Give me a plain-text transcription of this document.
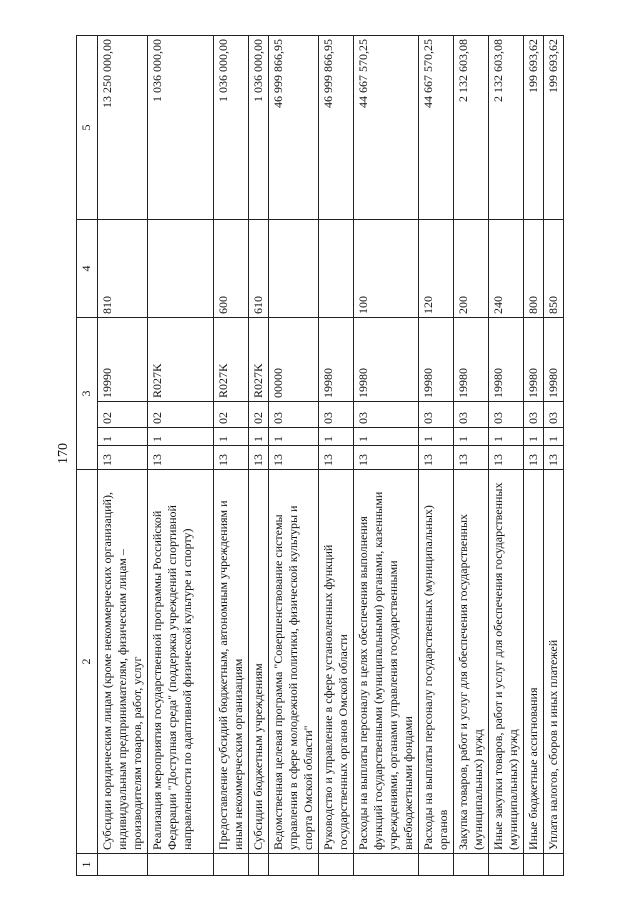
170
1	2	3				4	5
	Субсидии юридическим лицам (кроме некоммерческих организаций), индивидуальным предпринимателям, физическим лицам – производителям товаров, работ, услуг	13	1	02	19990	810	13 250 000,00
	Реализация мероприятия государственной программы Российской Федерации "Доступная среда" (поддержка учреждений спортивной направленности по адаптивной физической культуре и спорту)	13	1	02	R027K		1 036 000,00
	Предоставление субсидий бюджетным, автономным учреждениям и иным некоммерческим организациям	13	1	02	R027K	600	1 036 000,00
	Субсидии бюджетным учреждениям	13	1	02	R027K	610	1 036 000,00
	Ведомственная целевая программа "Совершенствование системы управления в сфере молодежной политики, физической культуры и спорта Омской области"	13	1	03	00000		46 999 866,95
	Руководство и управление в сфере установленных функций государственных органов Омской области	13	1	03	19980		46 999 866,95
	Расходы на выплаты персоналу в целях обеспечения выполнения функций государственными (муниципальными) органами, казенными учреждениями, органами управления государственными внебюджетными фондами	13	1	03	19980	100	44 667 570,25
	Расходы на выплаты персоналу государственных (муниципальных) органов	13	1	03	19980	120	44 667 570,25
	Закупка товаров, работ и услуг для обеспечения государственных (муниципальных) нужд	13	1	03	19980	200	2 132 603,08
	Иные закупки товаров, работ и услуг для обеспечения государственных (муниципальных) нужд	13	1	03	19980	240	2 132 603,08
	Иные бюджетные ассигнования	13	1	03	19980	800	199 693,62
	Уплата налогов, сборов и иных платежей	13	1	03	19980	850	199 693,62
